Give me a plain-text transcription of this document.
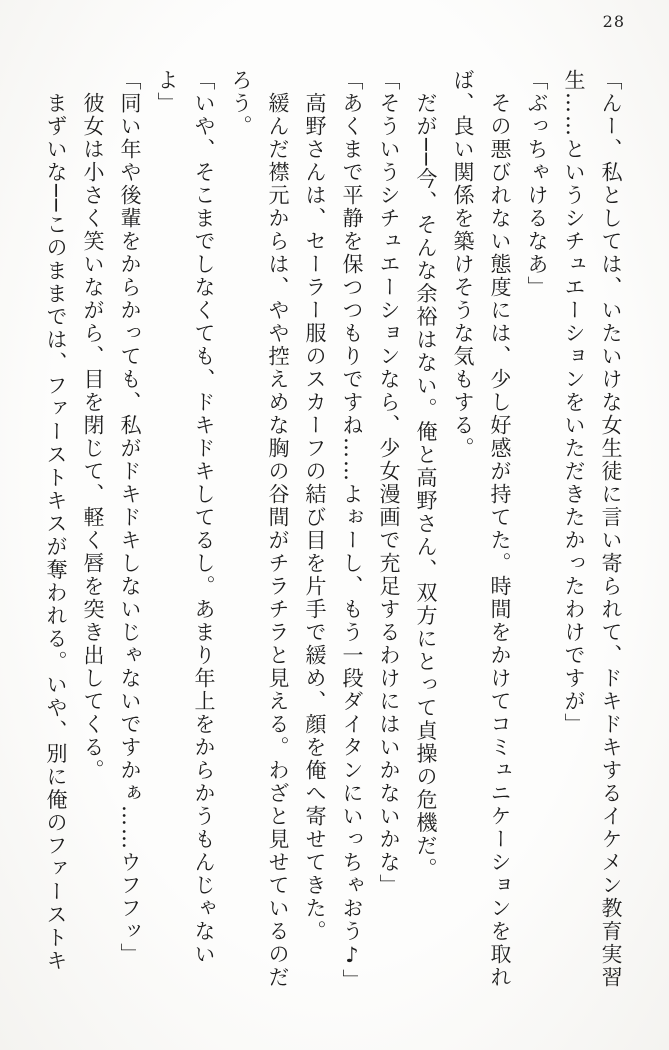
28

「んー、私としては、いたいけな女生徒に言い寄られて、ドキドキするイケメン教育実習

生……というシチュエーションをいただきたかったわけですが」

「ぶっちゃけるなあ」

その悪びれない態度には、少し好感が持てた。時間をかけてコミュニケーションを取れ

ば、良い関係を築けそうな気もする。

だが──今、そんな余裕はない。俺と高野さん、双方にとって貞操の危機だ。

「そういうシチュエーションなら、少女漫画で充足するわけにはいかないかな」

「あくまで平静を保つつもりですね……よぉーし、もう一段ダイタンにいっちゃおう♪」

高野さんは、セーラー服のスカーフの結び目を片手で緩め、顔を俺へ寄せてきた。

緩んだ襟元からは、やや控えめな胸の谷間がチラチラと見える。わざと見せているのだ

ろう。

「いや、そこまでしなくても、ドキドキしてるし。あまり年上をからかうもんじゃない

よ」

「同い年や後輩をからかっても、私がドキドキしないじゃないですかぁ……ウフフッ」

彼女は小さく笑いながら、目を閉じて、軽く唇を突き出してくる。

まずいな──このままでは、ファーストキスが奪われる。いや、別に俺のファーストキ
